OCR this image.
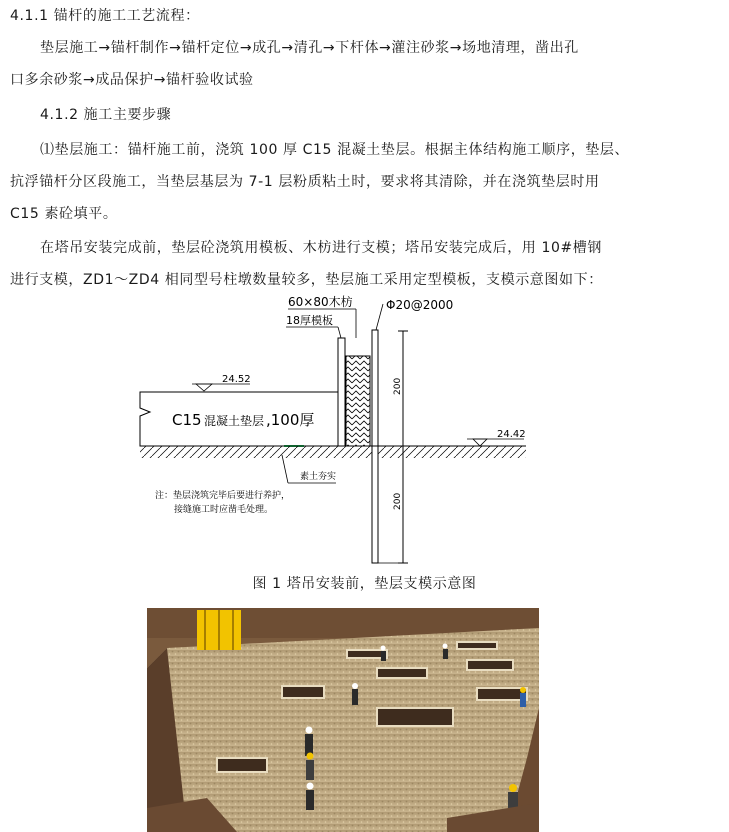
4.1.1 锚杆的施工工艺流程：

垫层施工→锚杆制作→锚杆定位→成孔→清孔→下杆体→灌注砂浆→场地清理，凿出孔

口多余砂浆→成品保护→锚杆验收试验

4.1.2 施工主要步骤

⑴垫层施工：锚杆施工前，浇筑 100 厚 C15 混凝土垫层。根据主体结构施工顺序，垫层、

抗浮锚杆分区段施工，当垫层基层为 7-1 层粉质粘土时，要求将其清除，并在浇筑垫层时用

C15 素砼填平。

在塔吊安装完成前，垫层砼浇筑用模板、木枋进行支模；塔吊安装完成后，用 10#槽钢

进行支模，ZD1～ZD4 相同型号柱墩数量较多，垫层施工采用定型模板，支模示意图如下：

60×80木枋	Φ20@2000
18厚模板
200
200
C15 混凝土垫层 ,100厚
24.52
24.42
素土夯实
注：垫层浇筑完毕后要进行养护，
接缝施工时应凿毛处理。
图 1 塔吊安装前，垫层支模示意图
